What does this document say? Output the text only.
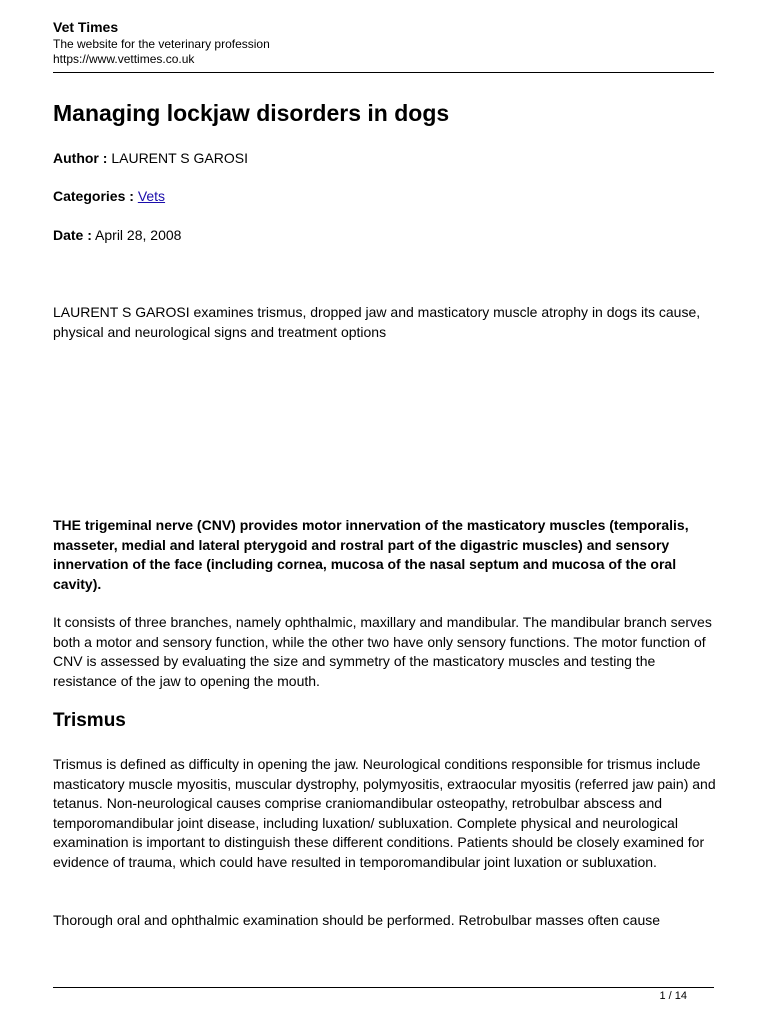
Vet Times
The website for the veterinary profession
https://www.vettimes.co.uk
Managing lockjaw disorders in dogs
Author : LAURENT S GAROSI
Categories : Vets
Date : April 28, 2008

LAURENT S GAROSI examines trismus, dropped jaw and masticatory muscle atrophy in dogs its cause, physical and neurological signs and treatment options

THE trigeminal nerve (CNV) provides motor innervation of the masticatory muscles (temporalis, masseter, medial and lateral pterygoid and rostral part of the digastric muscles) and sensory innervation of the face (including cornea, mucosa of the nasal septum and mucosa of the oral cavity).

It consists of three branches, namely ophthalmic, maxillary and mandibular. The mandibular branch serves both a motor and sensory function, while the other two have only sensory functions. The motor function of CNV is assessed by evaluating the size and symmetry of the masticatory muscles and testing the resistance of the jaw to opening the mouth.

Trismus

Trismus is defined as difficulty in opening the jaw. Neurological conditions responsible for trismus include masticatory muscle myositis, muscular dystrophy, polymyositis, extraocular myositis (referred jaw pain) and tetanus. Non-neurological causes comprise craniomandibular osteopathy, retrobulbar abscess and temporomandibular joint disease, including luxation/ subluxation. Complete physical and neurological examination is important to distinguish these different conditions. Patients should be closely examined for evidence of trauma, which could have resulted in temporomandibular joint luxation or subluxation.

Thorough oral and ophthalmic examination should be performed. Retrobulbar masses often cause

1 / 14
